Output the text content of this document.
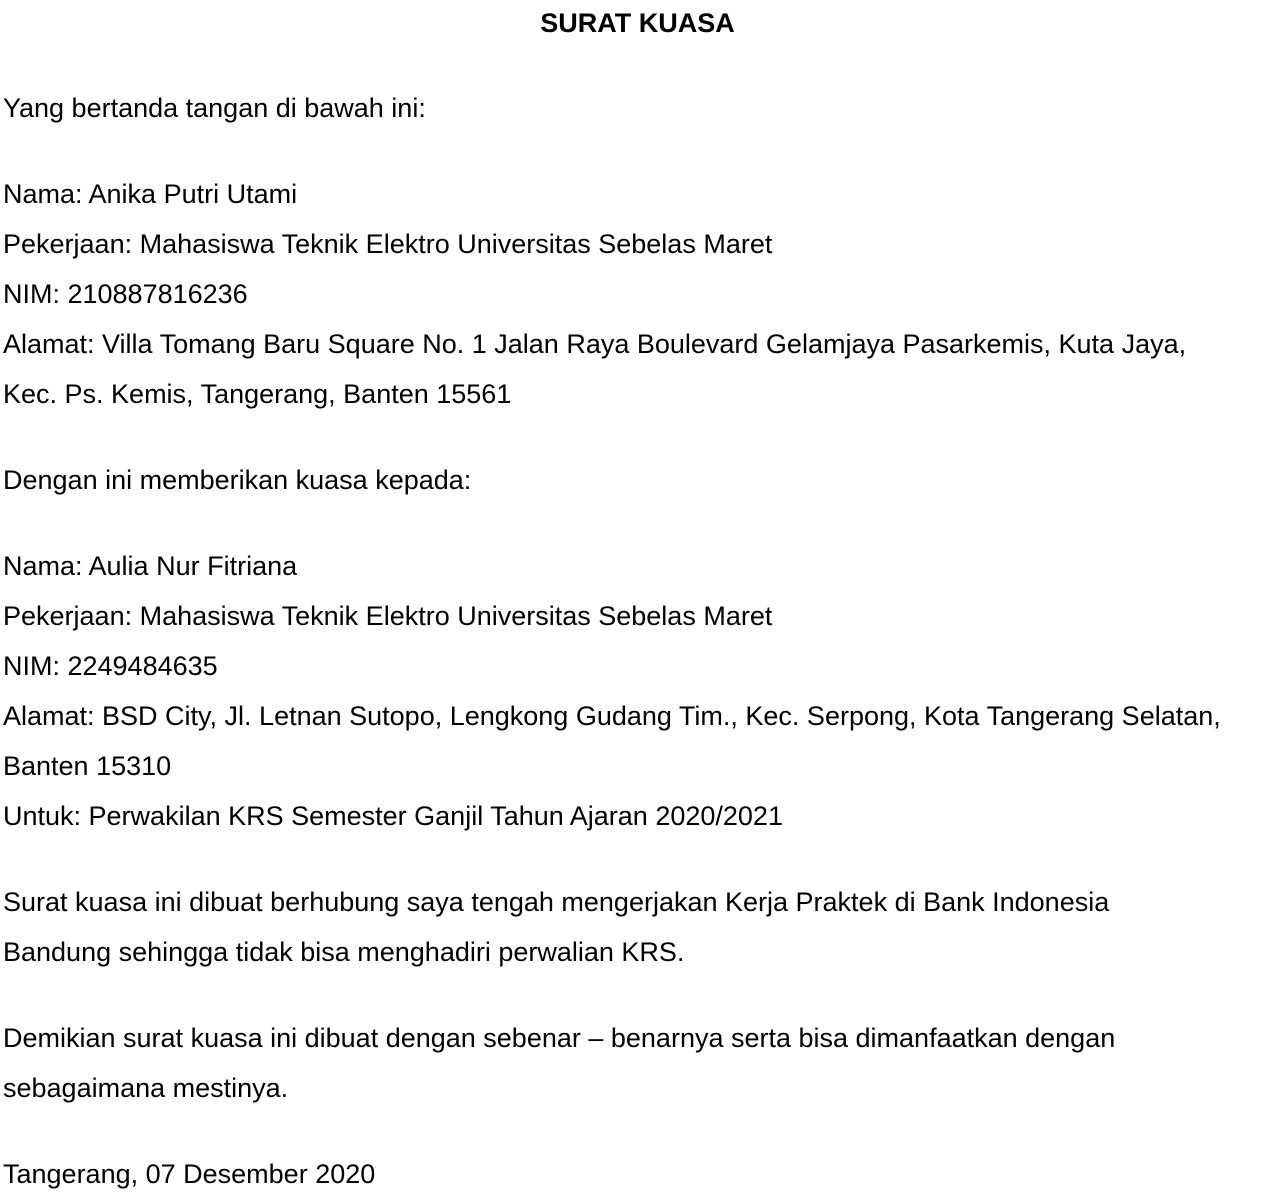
SURAT KUASA
Yang bertanda tangan di bawah ini:
Nama: Anika Putri Utami
Pekerjaan: Mahasiswa Teknik Elektro Universitas Sebelas Maret
NIM: 210887816236
Alamat: Villa Tomang Baru Square No. 1 Jalan Raya Boulevard Gelamjaya Pasarkemis, Kuta Jaya,
Kec. Ps. Kemis, Tangerang, Banten 15561
Dengan ini memberikan kuasa kepada:
Nama: Aulia Nur Fitriana
Pekerjaan: Mahasiswa Teknik Elektro Universitas Sebelas Maret
NIM: 2249484635
Alamat: BSD City, Jl. Letnan Sutopo, Lengkong Gudang Tim., Kec. Serpong, Kota Tangerang Selatan,
Banten 15310
Untuk: Perwakilan KRS Semester Ganjil Tahun Ajaran 2020/2021
Surat kuasa ini dibuat berhubung saya tengah mengerjakan Kerja Praktek di Bank Indonesia
Bandung sehingga tidak bisa menghadiri perwalian KRS.
Demikian surat kuasa ini dibuat dengan sebenar – benarnya serta bisa dimanfaatkan dengan
sebagaimana mestinya.
Tangerang, 07 Desember 2020
